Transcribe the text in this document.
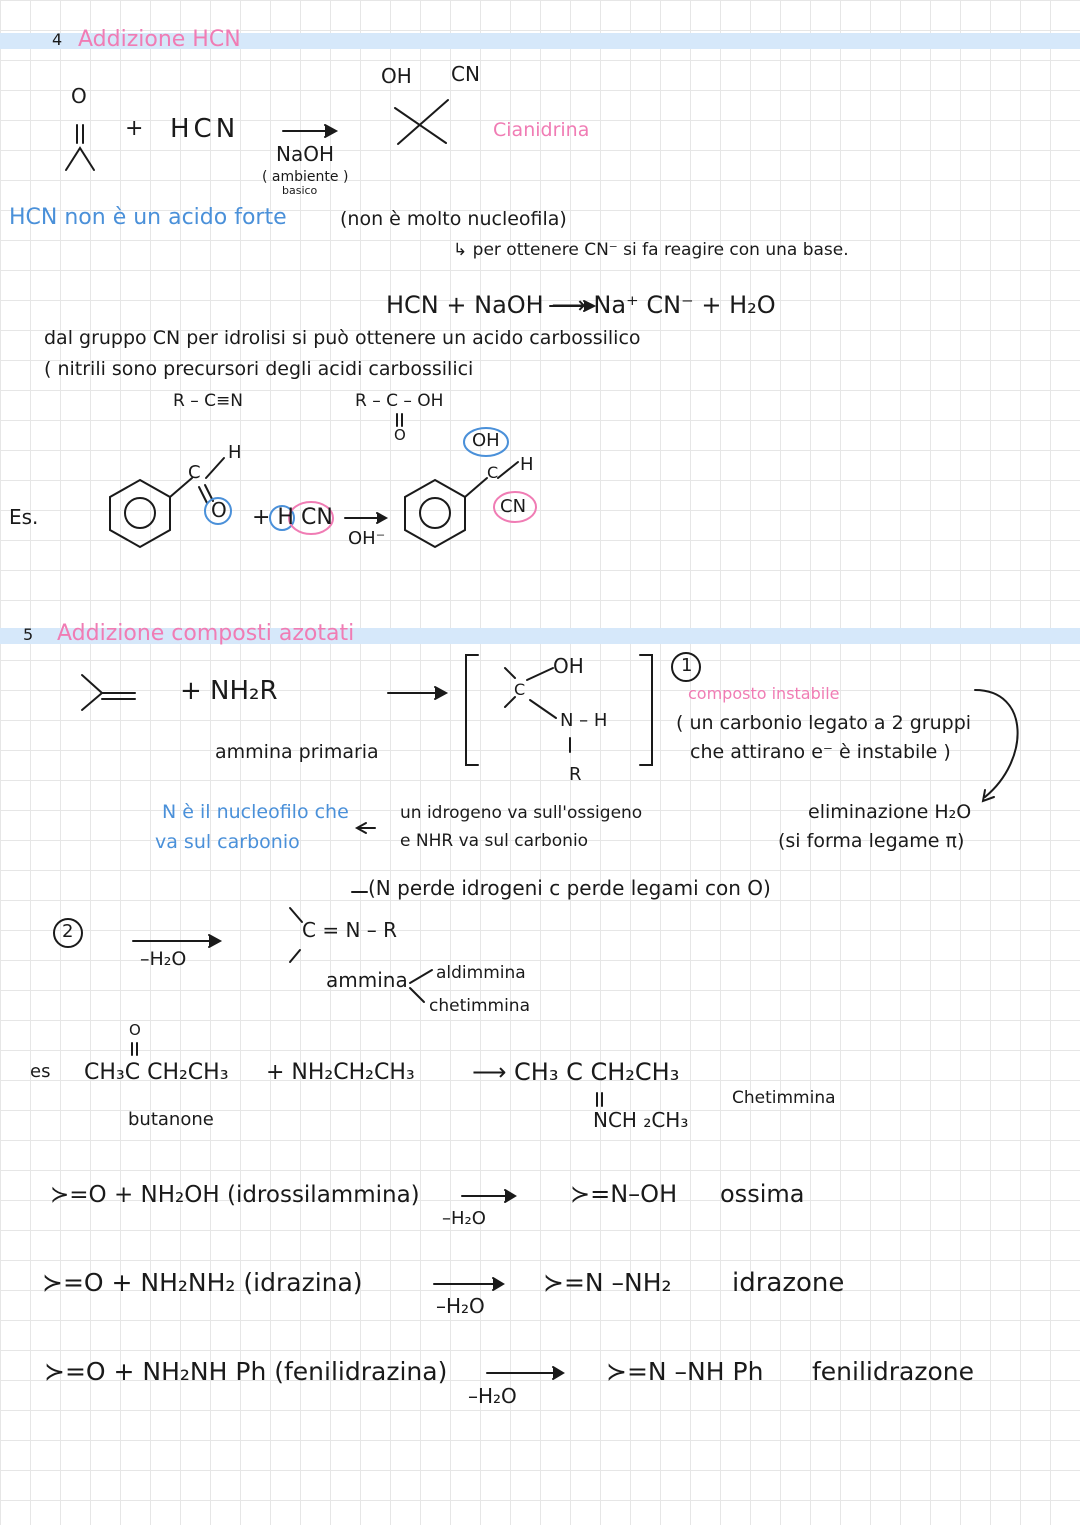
4 Addizione HCN
O
+ HCN
NaOH
( ambiente )
basico
OH CN
Cianidrina
HCN non è un acido forte	(non è molto nucleofila)
↳ per ottenere CN⁻ si fa reagire con una base.
HCN + NaOH ⟶ Na⁺ CN⁻ + H₂O
dal gruppo CN per idrolisi si può ottenere un acido carbossilico
( nitrili sono precursori degli acidi carbossilici
R – C≡N	R – C – OH
O
Es.
C
H
O + H CN
OH⁻
OH
C H
CN
5 Addizione composti azotati
+ NH₂R
ammina primaria
C
OH
N – H
R
1
composto instabile
( un carbonio legato a 2 gruppi
che attirano e⁻ è instabile )
N è il nucleofilo che
va sul carbonio
un idrogeno va sull'ossigeno
e NHR va sul carbonio
eliminazione H₂O
(si forma legame π)
(N perde idrogeni c perde legami con O)
2
–H₂O
C = N – R
ammina aldimmina
chetimmina
es
O
CH₃C CH₂CH₃
butanone
+ NH₂CH₂CH₃ ⟶ CH₃ C CH₂CH₃
NCH ₂CH₃
Chetimmina
≻=O + NH₂OH (idrossilammina)
–H₂O
≻=N–OH ossima
≻=O + NH₂NH₂ (idrazina)
–H₂O
≻=N –NH₂ idrazone
≻=O + NH₂NH Ph (fenilidrazina)
–H₂O
≻=N –NH Ph fenilidrazone
